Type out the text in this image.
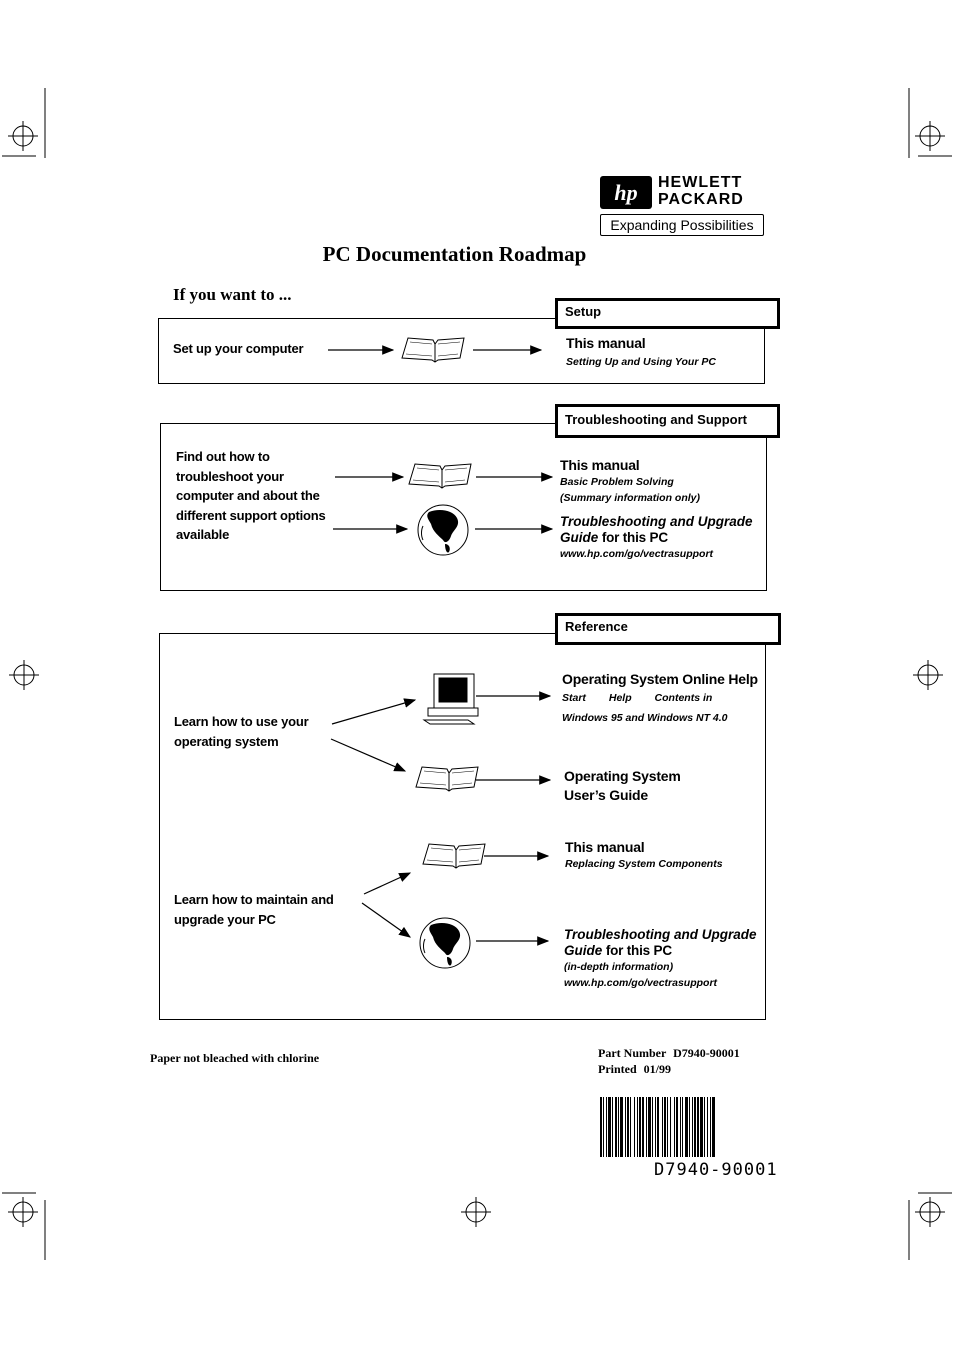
hp	HEWLETT
PACKARD
Expanding Possibilities
PC Documentation Roadmap
If you want to ...
Setup
Set up your computer	This manual
Setting Up and Using Your PC
Troubleshooting and Support
Find out how to
troubleshoot your
computer and about the
different support options
available
This manual
Basic Problem Solving
(Summary information only)
Troubleshooting and Upgrade
Guide for this PC
www.hp.com/go/vectrasupport
Reference
Learn how to use your
operating system
Learn how to maintain and
upgrade your PC
Operating System Online Help
Start Help Contents in
Windows 95 and Windows NT 4.0
Operating System
User’s Guide
This manual
Replacing System Components
Troubleshooting and Upgrade
Guide for this PC
(in-depth information)
www.hp.com/go/vectrasupport
Paper not bleached with chlorine	Part Number D7940-90001
Printed 01/99
D7940-90001
